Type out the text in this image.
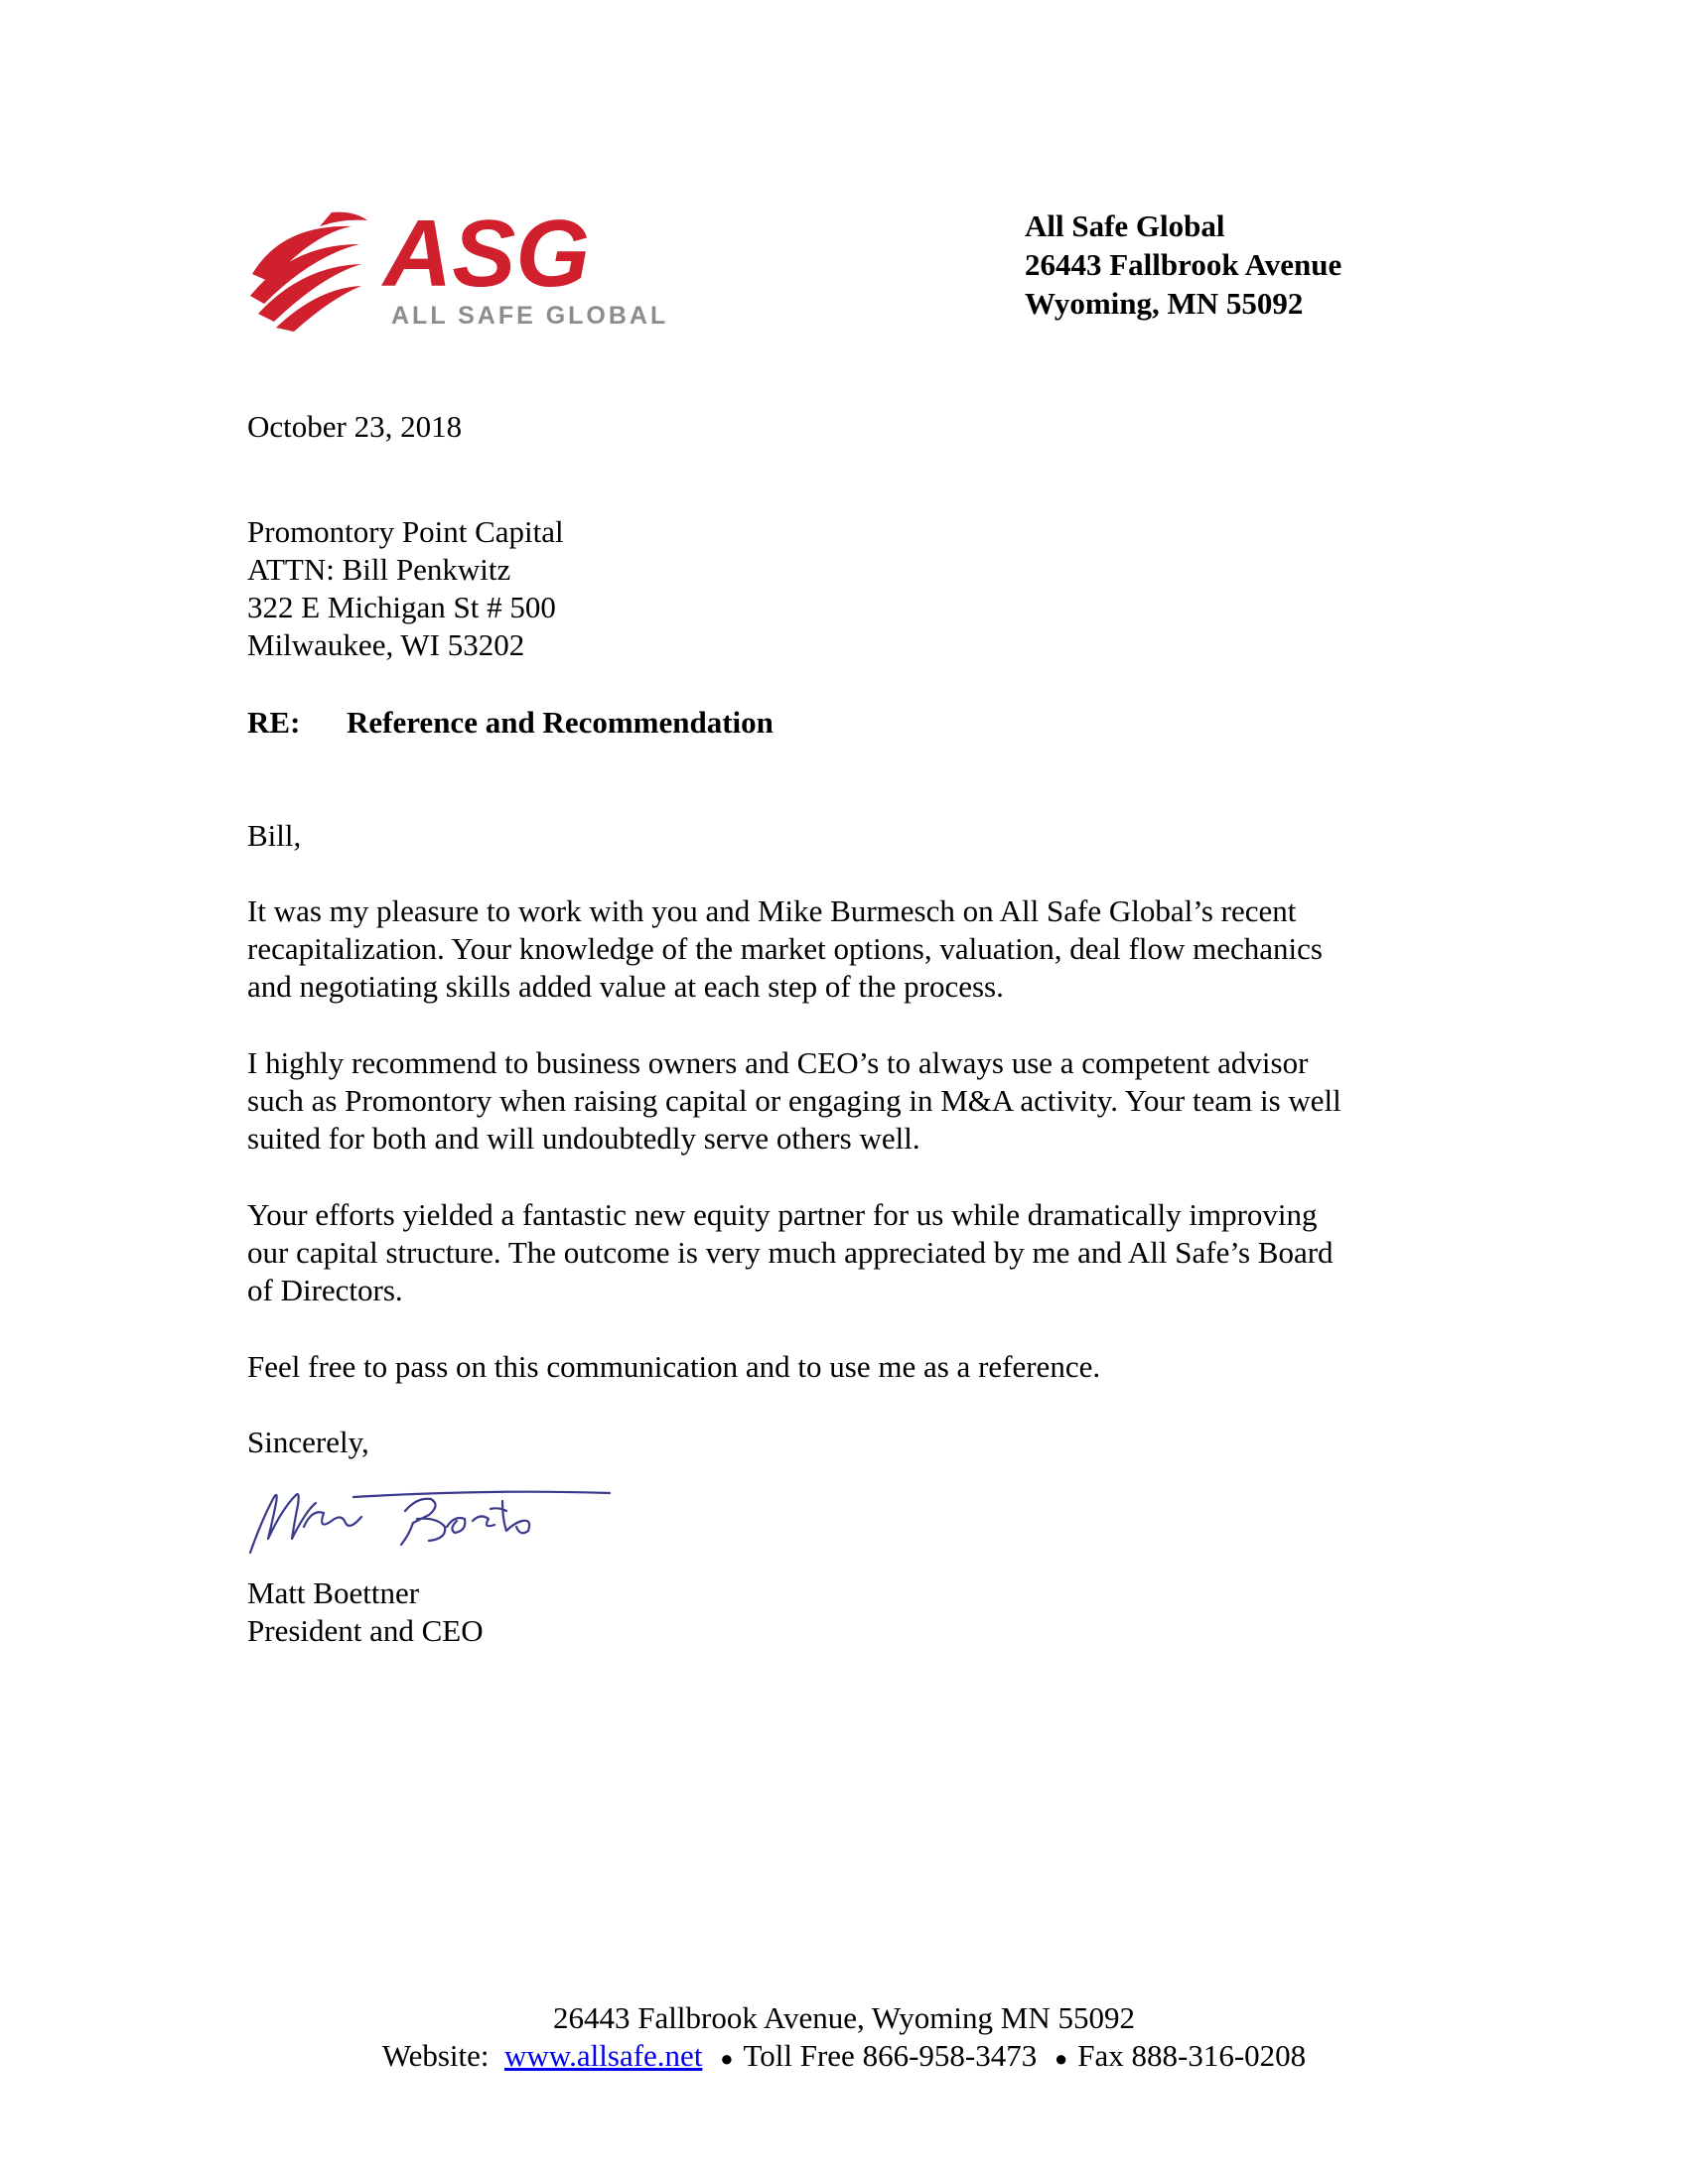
ASG
ALL SAFE GLOBAL
All Safe Global
26443 Fallbrook Avenue
Wyoming, MN 55092
October 23, 2018
Promontory Point Capital
ATTN: Bill Penkwitz
322 E Michigan St # 500
Milwaukee, WI 53202
RE: Reference and Recommendation
Bill,
It was my pleasure to work with you and Mike Burmesch on All Safe Global’s recent
recapitalization. Your knowledge of the market options, valuation, deal flow mechanics
and negotiating skills added value at each step of the process.
I highly recommend to business owners and CEO’s to always use a competent advisor
such as Promontory when raising capital or engaging in M&A activity. Your team is well
suited for both and will undoubtedly serve others well.
Your efforts yielded a fantastic new equity partner for us while dramatically improving
our capital structure. The outcome is very much appreciated by me and All Safe’s Board
of Directors.
Feel free to pass on this communication and to use me as a reference.
Sincerely,
Matt Boettner
President and CEO
26443 Fallbrook Avenue, Wyoming MN 55092
Website: www.allsafe.net ● Toll Free 866-958-3473 ● Fax 888-316-0208
